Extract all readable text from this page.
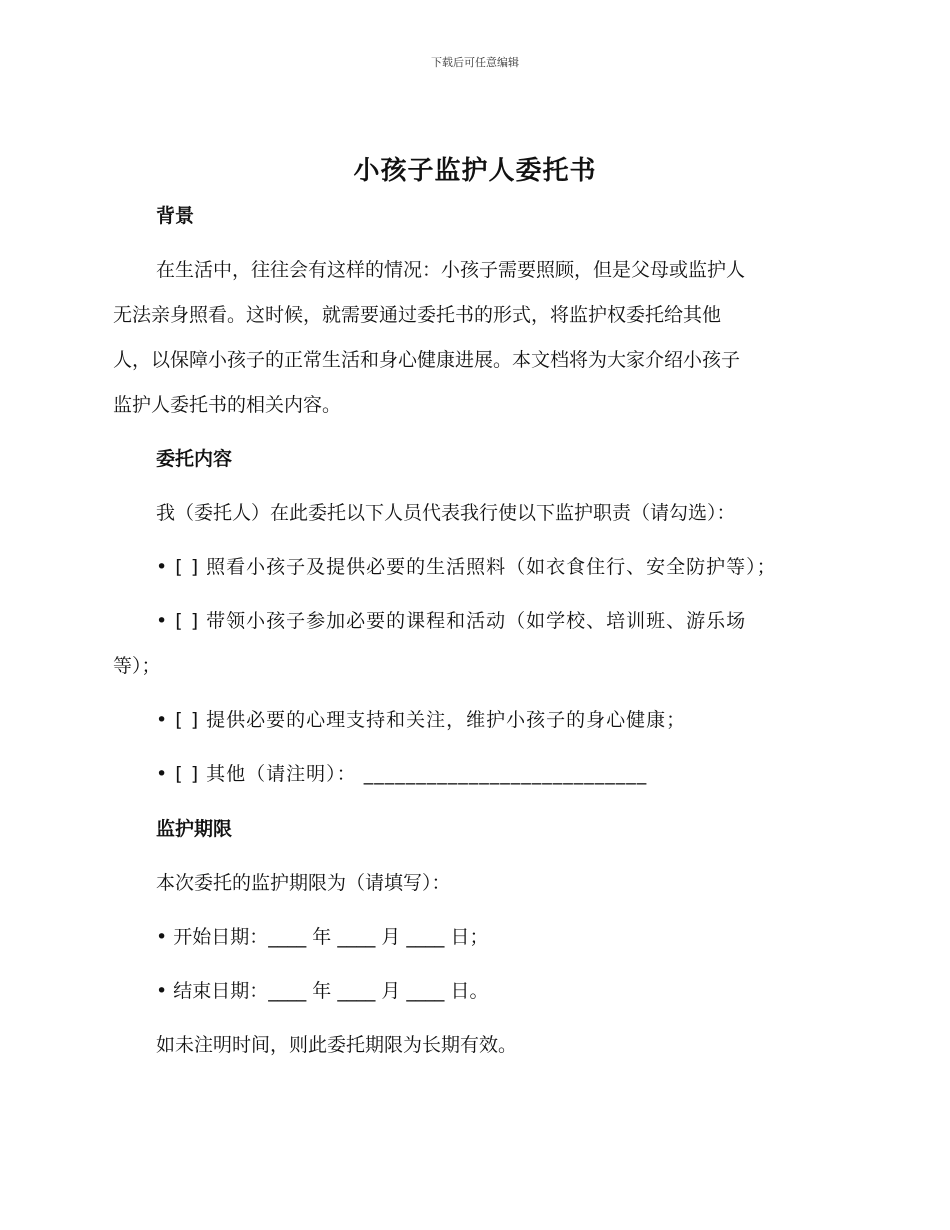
下载后可任意编辑
小孩子监护人委托书
背景
在生活中，往往会有这样的情况：小孩子需要照顾，但是父母或监护人
无法亲身照看。这时候，就需要通过委托书的形式，将监护权委托给其他
人，以保障小孩子的正常生活和身心健康进展。本文档将为大家介绍小孩子
监护人委托书的相关内容。
委托内容
我（委托人）在此委托以下人员代表我行使以下监护职责（请勾选）：
• [ ] 照看小孩子及提供必要的生活照料（如衣食住行、安全防护等）；
• [ ] 带领小孩子参加必要的课程和活动（如学校、培训班、游乐场
等）；
• [ ] 提供必要的心理支持和关注，维护小孩子的身心健康；
• [ ] 其他（请注明）： ___________________________
监护期限
本次委托的监护期限为（请填写）：
• 开始日期：____ 年 ____ 月 ____ 日；
• 结束日期：____ 年 ____ 月 ____ 日。
如未注明时间，则此委托期限为长期有效。
